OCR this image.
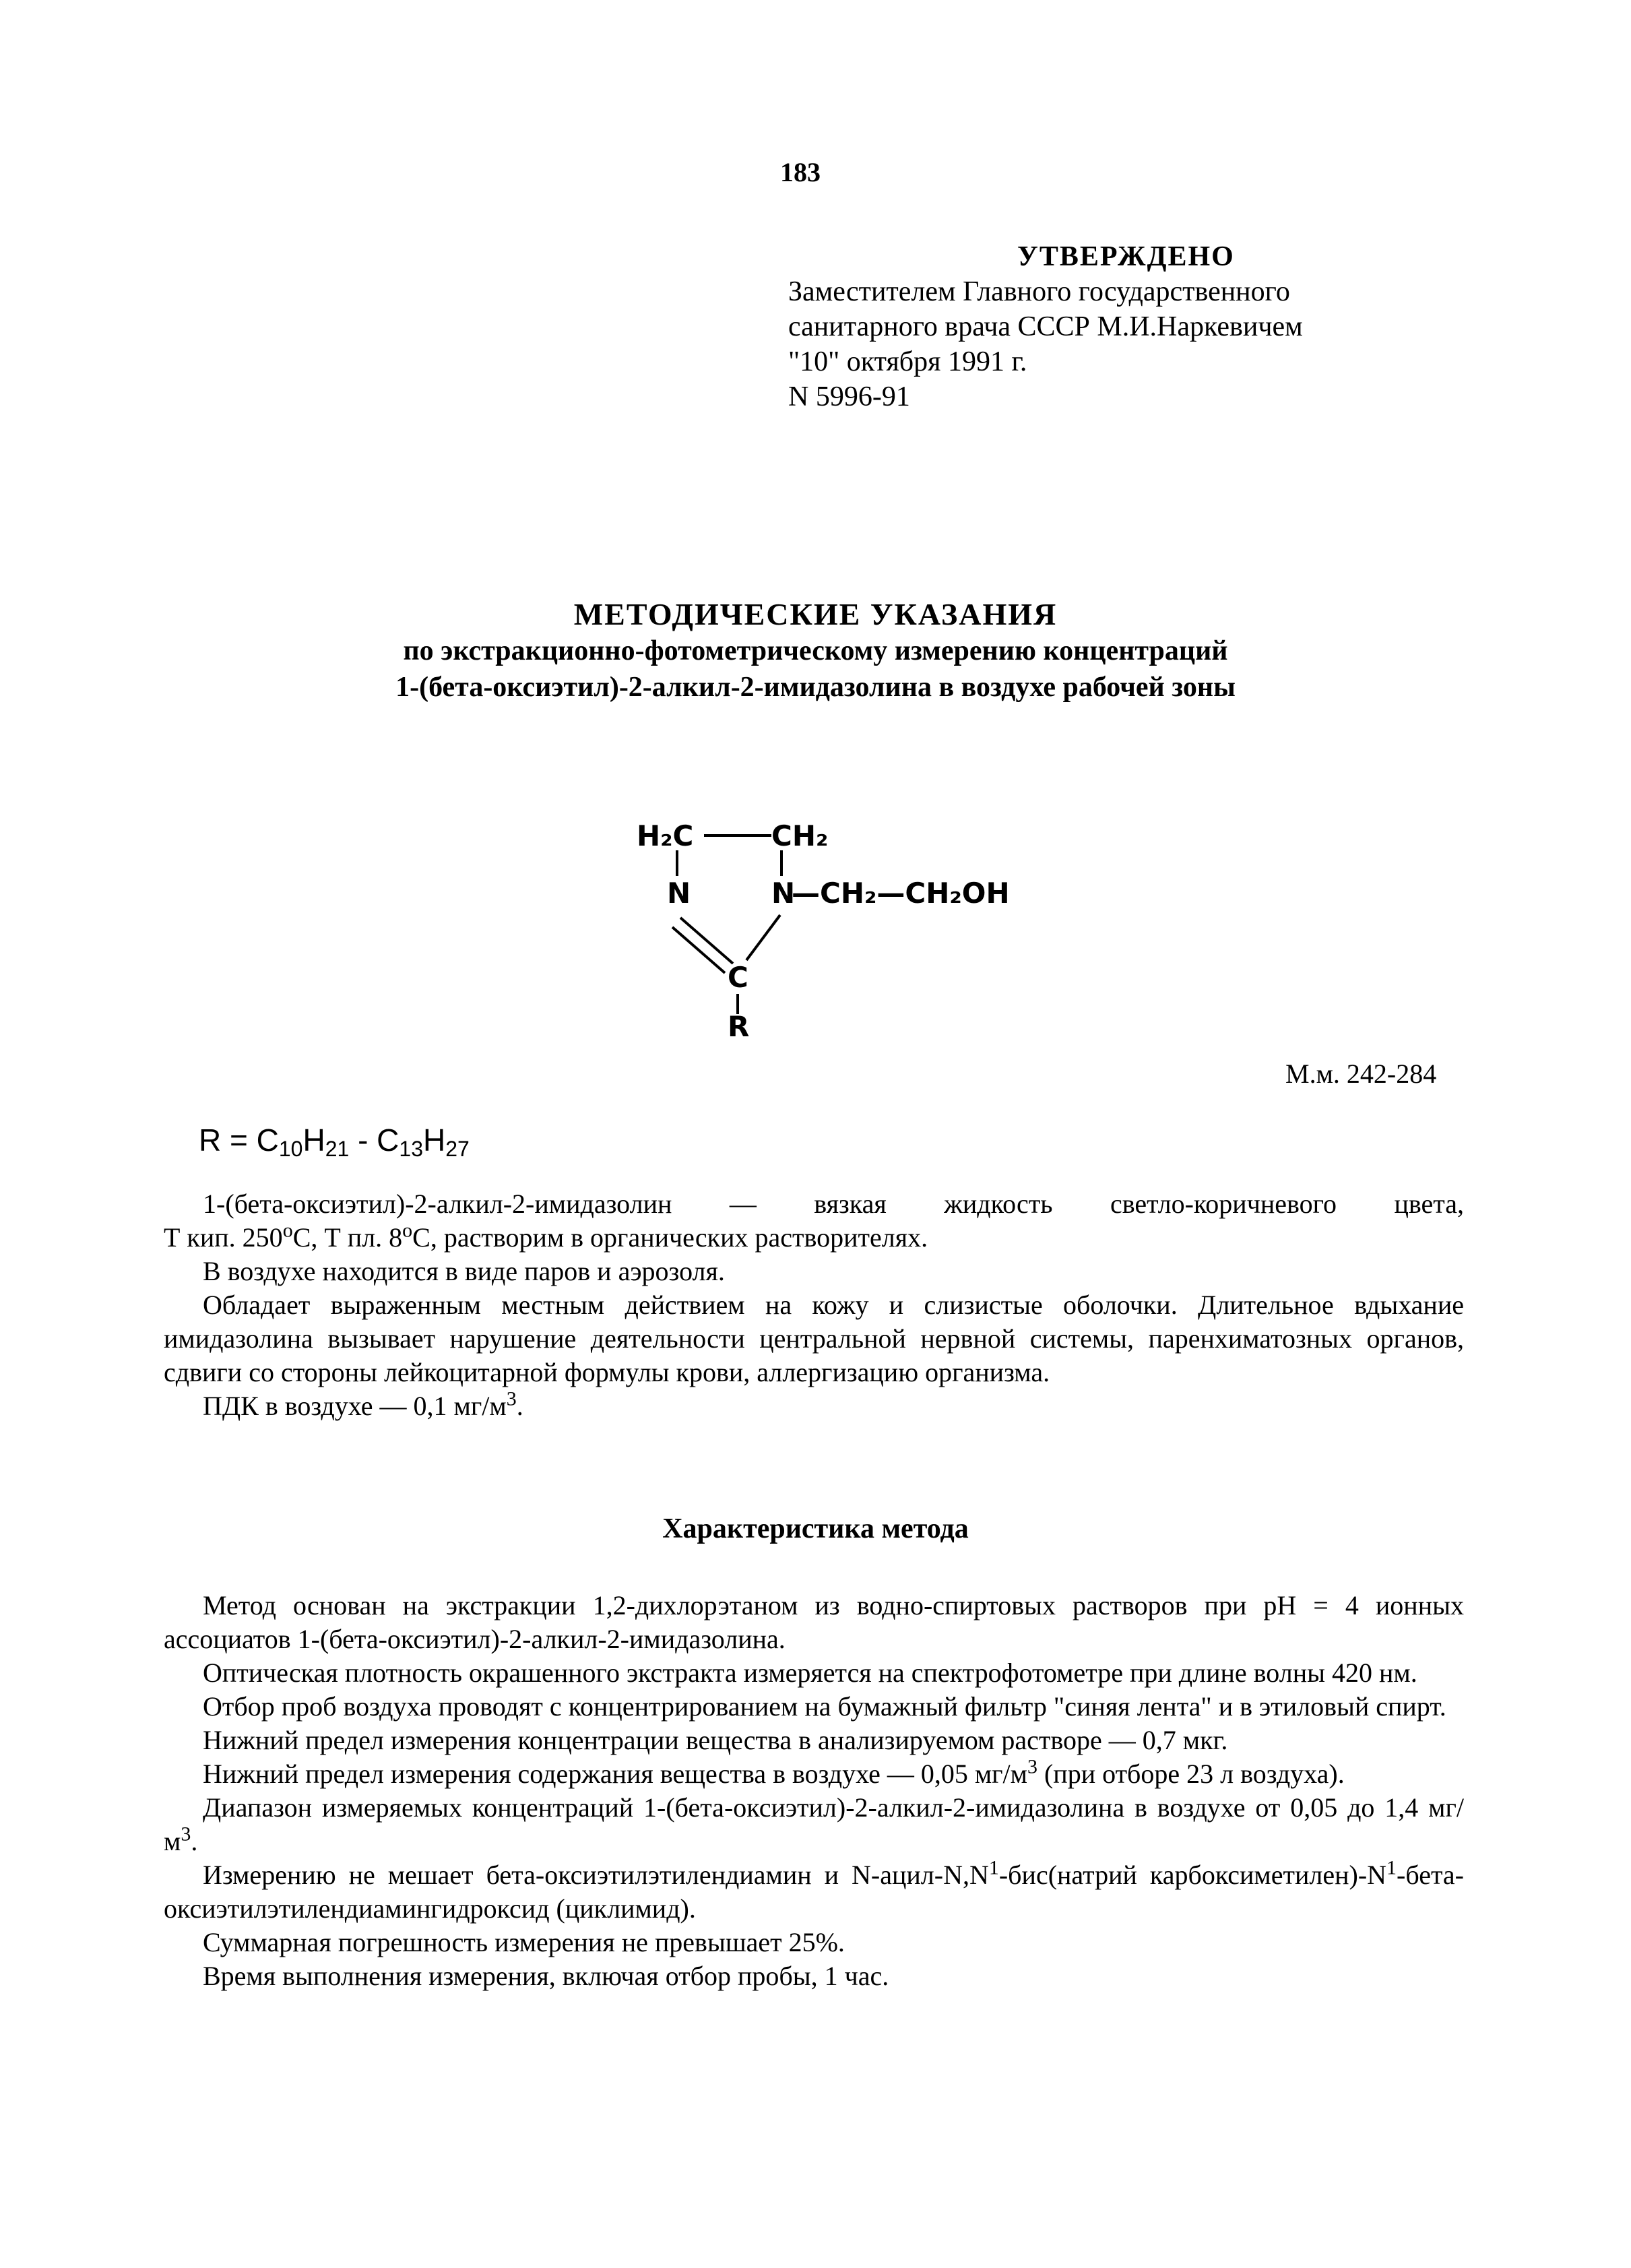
183
УТВЕРЖДЕНО
Заместителем Главного государственного
санитарного врача СССР М.И.Наркевичем
"10" октября 1991 г.
N 5996-91
МЕТОДИЧЕСКИЕ УКАЗАНИЯ
по экстракционно-фотометрическому измерению концентраций
1-(бета-оксиэтил)-2-алкил-2-имидазолина в воздухе рабочей зоны
H₂C	CH₂
N	N
—CH₂—CH₂OH
C
R
М.м. 242-284
$R = C_{10}H_{21} - C_{13}H_{27}$

1-(бета-оксиэтил)-2-алкил-2-имидазолин — вязкая жидкость светло-коричневого цвета,

Т кип. 250$^o$С, Т пл. 8$^o$С, растворим в органических растворителях.

В воздухе находится в виде паров и аэрозоля.

Обладает выраженным местным действием на кожу и слизистые оболочки. Длительное вдыхание имидазолина вызывает нарушение деятельности центральной нервной системы, паренхиматозных органов, сдвиги со стороны лейкоцитарной формулы крови, аллергизацию организма.

ПДК в воздухе — 0,1 $мг/м^3$.

Характеристика метода

Метод основан на экстракции 1,2-дихлорэтаном из водно-спиртовых растворов при рН = 4 ионных ассоциатов 1-(бета-оксиэтил)-2-алкил-2-имидазолина.

Оптическая плотность окрашенного экстракта измеряется на спектрофотометре при длине волны 420 нм.

Отбор проб воздуха проводят с концентрированием на бумажный фильтр "синяя лента" и в этиловый спирт.

Нижний предел измерения концентрации вещества в анализируемом растворе — 0,7 мкг.

Нижний предел измерения содержания вещества в воздухе — 0,05 $мг/м^3$ (при отборе 23 л воздуха).

Диапазон измеряемых концентраций 1-(бета-оксиэтил)-2-алкил-2-имидазолина в воздухе от 0,05 до 1,4 $мг/м^3$.

Измерению не мешает бета-оксиэтилэтилендиамин и $N-ацил-N,N^1-бис(натрий$ $карбоксиметилен)-N^1-бета$-оксиэтилэтилендиамингидроксид (циклимид).

Суммарная погрешность измерения не превышает 25%.

Время выполнения измерения, включая отбор пробы, 1 час.
